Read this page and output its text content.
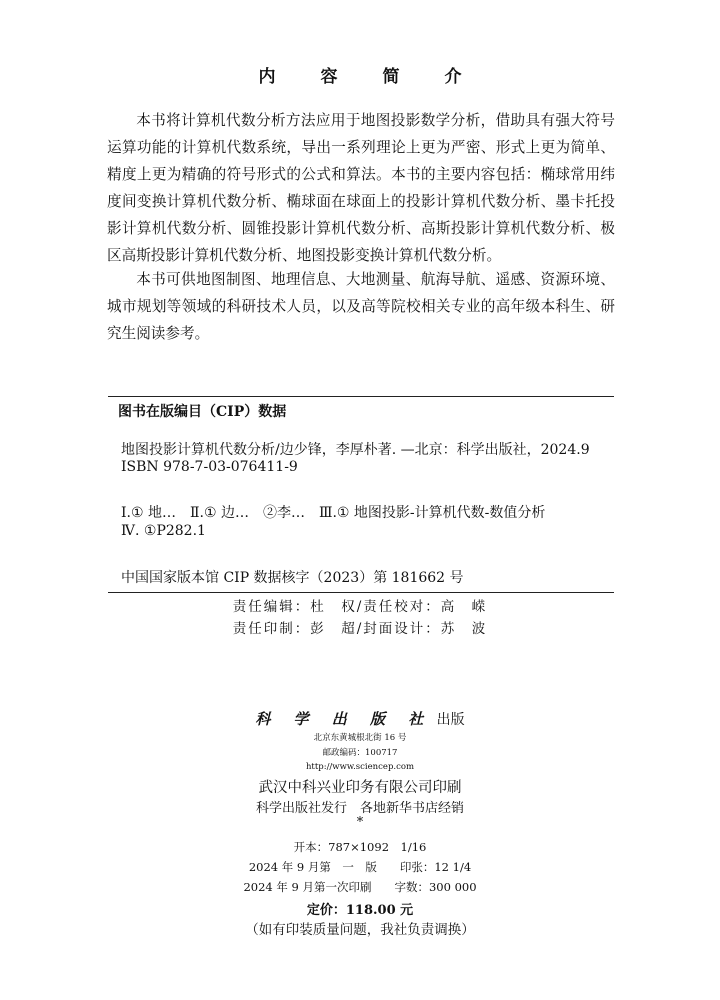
内　容　简　介

本书将计算机代数分析方法应用于地图投影数学分析，借助具有强大符号运算功能的计算机代数系统，导出一系列理论上更为严密、形式上更为简单、精度上更为精确的符号形式的公式和算法。本书的主要内容包括：椭球常用纬度间变换计算机代数分析、椭球面在球面上的投影计算机代数分析、墨卡托投影计算机代数分析、圆锥投影计算机代数分析、高斯投影计算机代数分析、极区高斯投影计算机代数分析、地图投影变换计算机代数分析。

本书可供地图制图、地理信息、大地测量、航海导航、遥感、资源环境、城市规划等领域的科研技术人员，以及高等院校相关专业的高年级本科生、研究生阅读参考。

图书在版编目（CIP）数据
地图投影计算机代数分析/边少锋，李厚朴著. —北京：科学出版社，2024.9
ISBN 978-7-03-076411-9
Ⅰ.① 地…　Ⅱ.① 边…　②李…　Ⅲ.① 地图投影-计算机代数-数值分析
Ⅳ. ①P282.1
中国国家版本馆 CIP 数据核字（2023）第 181662 号
责任编辑：杜　权/责任校对：高　嵘
责任印制：彭　超/封面设计：苏　波
科 学 出 版 社 出版
北京东黄城根北街 16 号
邮政编码：100717
http://www.sciencep.com
武汉中科兴业印务有限公司印刷
科学出版社发行　各地新华书店经销
*
开本：787×1092　1/16
2024 年 9 月第　一　版　　印张：12 1/4
2024 年 9 月第一次印刷　　字数：300 000
定价：118.00 元
（如有印装质量问题，我社负责调换）
